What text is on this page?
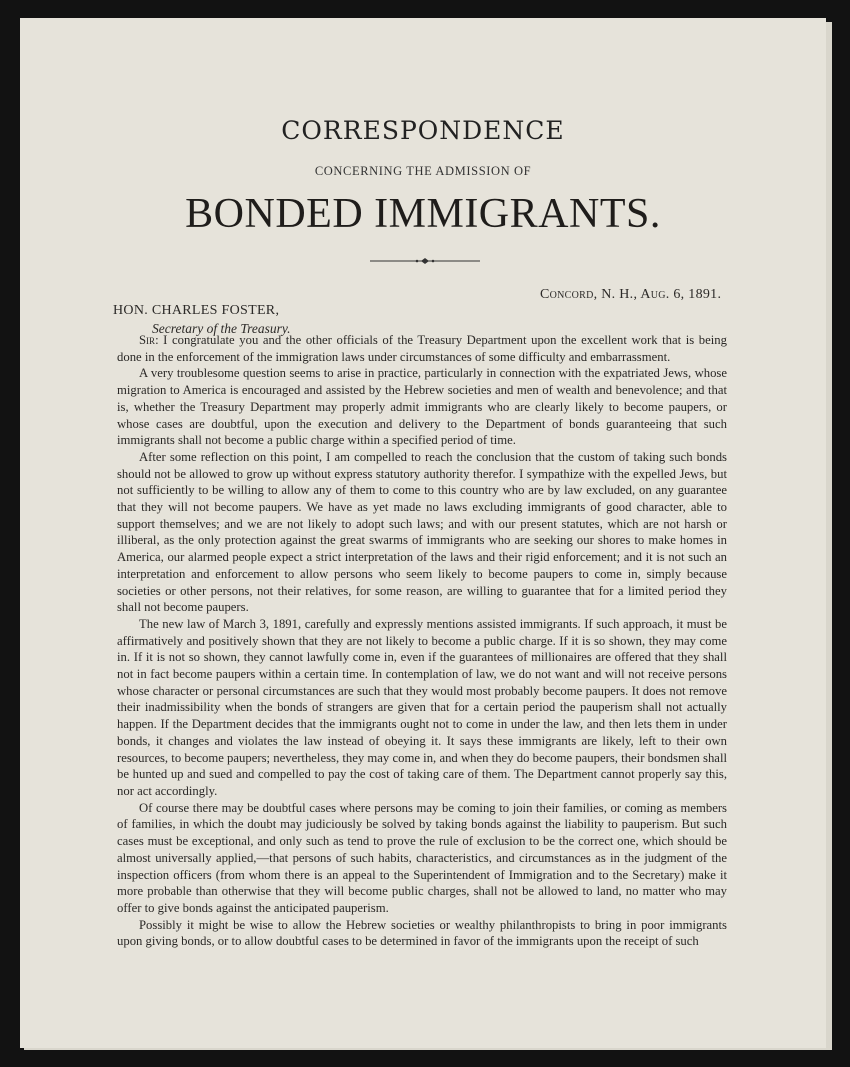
CORRESPONDENCE
CONCERNING THE ADMISSION OF
BONDED IMMIGRANTS.
Concord, N. H., Aug. 6, 1891.
HON. CHARLES FOSTER,
Secretary of the Treasury.

Sir: I congratulate you and the other officials of the Treasury Department upon the excellent work that is being done in the enforcement of the immigration laws under circumstances of some difficulty and embarrassment.

A very troublesome question seems to arise in practice, particularly in connection with the expatriated Jews, whose migration to America is encouraged and assisted by the Hebrew societies and men of wealth and benevolence; and that is, whether the Treasury Department may properly admit immigrants who are clearly likely to become paupers, or whose cases are doubtful, upon the execution and delivery to the Department of bonds guaranteeing that such immigrants shall not become a public charge within a specified period of time.

After some reflection on this point, I am compelled to reach the conclusion that the custom of taking such bonds should not be allowed to grow up without express statutory authority therefor. I sympathize with the expelled Jews, but not sufficiently to be willing to allow any of them to come to this country who are by law excluded, on any guarantee that they will not become paupers. We have as yet made no laws excluding immigrants of good character, able to support themselves; and we are not likely to adopt such laws; and with our present statutes, which are not harsh or illiberal, as the only protection against the great swarms of immigrants who are seeking our shores to make homes in America, our alarmed people expect a strict interpretation of the laws and their rigid enforcement; and it is not such an interpretation and enforcement to allow persons who seem likely to become paupers to come in, simply because societies or other persons, not their relatives, for some reason, are willing to guarantee that for a limited period they shall not become paupers.

The new law of March 3, 1891, carefully and expressly mentions assisted immigrants. If such approach, it must be affirmatively and positively shown that they are not likely to become a public charge. If it is so shown, they may come in. If it is not so shown, they cannot lawfully come in, even if the guarantees of millionaires are offered that they shall not in fact become paupers within a certain time. In contemplation of law, we do not want and will not receive persons whose character or personal circumstances are such that they would most probably become paupers. It does not remove their inadmissibility when the bonds of strangers are given that for a certain period the pauperism shall not actually happen. If the Department decides that the immigrants ought not to come in under the law, and then lets them in under bonds, it changes and violates the law instead of obeying it. It says these immigrants are likely, left to their own resources, to become paupers; nevertheless, they may come in, and when they do become paupers, their bondsmen shall be hunted up and sued and compelled to pay the cost of taking care of them. The Department cannot properly say this, nor act accordingly.

Of course there may be doubtful cases where persons may be coming to join their families, or coming as members of families, in which the doubt may judiciously be solved by taking bonds against the liability to pauperism. But such cases must be exceptional, and only such as tend to prove the rule of exclusion to be the correct one, which should be almost universally applied,—that persons of such habits, characteristics, and circumstances as in the judgment of the inspection officers (from whom there is an appeal to the Superintendent of Immigration and to the Secretary) make it more probable than otherwise that they will become public charges, shall not be allowed to land, no matter who may offer to give bonds against the anticipated pauperism.

Possibly it might be wise to allow the Hebrew societies or wealthy philanthropists to bring in poor immigrants upon giving bonds, or to allow doubtful cases to be determined in favor of the immigrants upon the receipt of such
